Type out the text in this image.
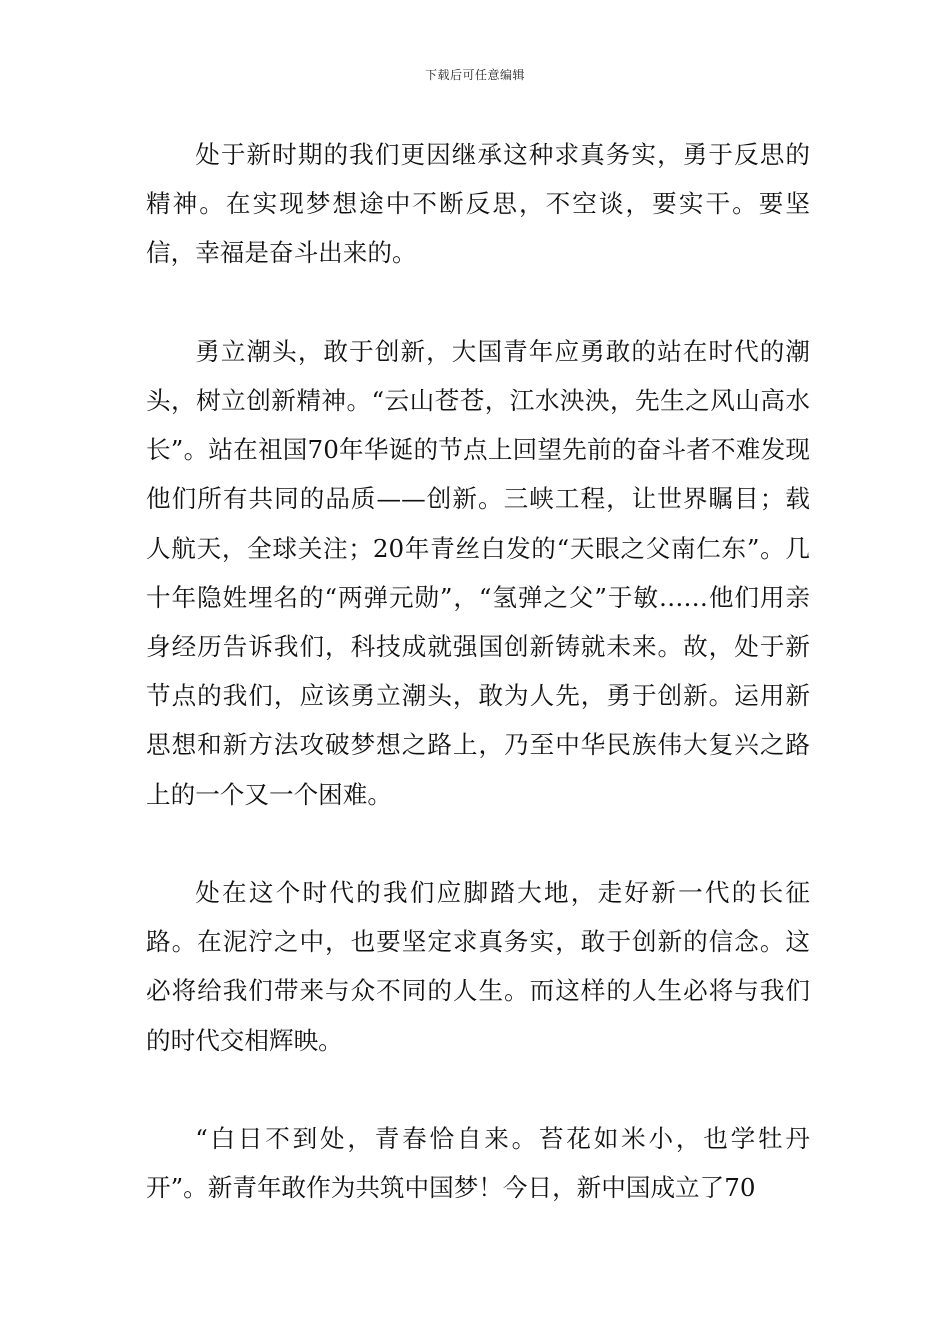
下载后可任意编辑

处于新时期的我们更因继承这种求真务实，勇于反思的精神。在实现梦想途中不断反思，不空谈，要实干。要坚信，幸福是奋斗出来的。

勇立潮头，敢于创新，大国青年应勇敢的站在时代的潮头，树立创新精神。“云山苍苍，江水泱泱，先生之风山高水长”。站在祖国70年华诞的节点上回望先前的奋斗者不难发现他们所有共同的品质——创新。三峡工程，让世界瞩目；载人航天，全球关注；20年青丝白发的“天眼之父南仁东”。几十年隐姓埋名的“两弹元勋”，“氢弹之父”于敏……他们用亲身经历告诉我们，科技成就强国创新铸就未来。故，处于新节点的我们，应该勇立潮头，敢为人先，勇于创新。运用新思想和新方法攻破梦想之路上，乃至中华民族伟大复兴之路上的一个又一个困难。

处在这个时代的我们应脚踏大地，走好新一代的长征路。在泥泞之中，也要坚定求真务实，敢于创新的信念。这必将给我们带来与众不同的人生。而这样的人生必将与我们的时代交相辉映。

“白日不到处，青春恰自来。苔花如米小，也学牡丹开”。新青年敢作为共筑中国梦！今日，新中国成立了70
